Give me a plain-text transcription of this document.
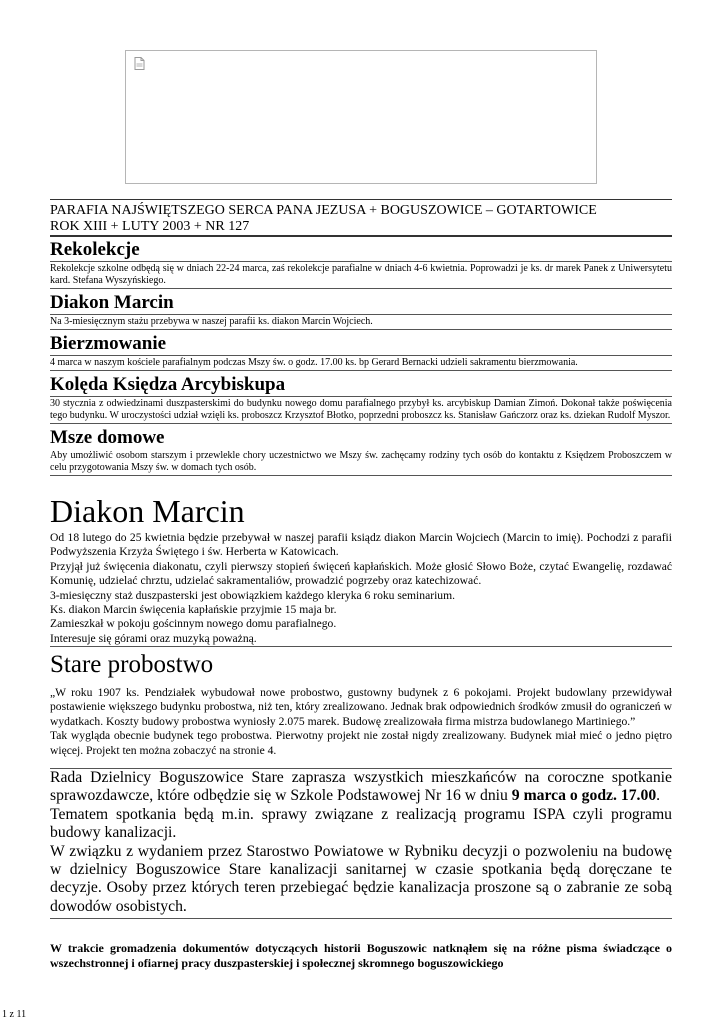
PARAFIA NAJŚWIĘTSZEGO SERCA PANA JEZUSA + BOGUSZOWICE – GOTARTOWICE
ROK XIII + LUTY 2003 + NR 127
Rekolekcje

Rekolekcje szkolne odbędą się w dniach 22-24 marca, zaś rekolekcje parafialne w dniach 4-6 kwietnia. Poprowadzi je ks. dr marek Panek z Uniwersytetu kard. Stefana Wyszyńskiego.

Diakon Marcin

Na 3-miesięcznym stażu przebywa w naszej parafii ks. diakon Marcin Wojciech.

Bierzmowanie

4 marca w naszym kościele parafialnym podczas Mszy św. o godz. 17.00 ks. bp Gerard Bernacki udzieli sakramentu bierzmowania.

Kolęda Księdza Arcybiskupa

30 stycznia z odwiedzinami duszpasterskimi do budynku nowego domu parafialnego przybył ks. arcybiskup Damian Zimoń. Dokonał także poświęcenia tego budynku. W uroczystości udział wzięli ks. proboszcz Krzysztof Błotko, poprzedni proboszcz ks. Stanisław Gańczorz oraz ks. dziekan Rudolf Myszor.

Msze domowe

Aby umożliwić osobom starszym i przewlekle chory uczestnictwo we Mszy św. zachęcamy rodziny tych osób do kontaktu z Księdzem Proboszczem w celu przygotowania Mszy św. w domach tych osób.

Diakon Marcin

Od 18 lutego do 25 kwietnia będzie przebywał w naszej parafii ksiądz diakon Marcin Wojciech (Marcin to imię). Pochodzi z parafii Podwyższenia Krzyża Świętego i św. Herberta w Katowicach.

Przyjął już święcenia diakonatu, czyli pierwszy stopień święceń kapłańskich. Może głosić Słowo Boże, czytać Ewangelię, rozdawać Komunię, udzielać chrztu, udzielać sakramentaliów, prowadzić pogrzeby oraz katechizować.

3-miesięczny staż duszpasterski jest obowiązkiem każdego kleryka 6 roku seminarium.

Ks. diakon Marcin święcenia kapłańskie przyjmie 15 maja br.

Zamieszkał w pokoju gościnnym nowego domu parafialnego.

Interesuje się górami oraz muzyką poważną.

Stare probostwo

„W roku 1907 ks. Pendziałek wybudował nowe probostwo, gustowny budynek z 6 pokojami. Projekt budowlany przewidywał postawienie większego budynku probostwa, niż ten, który zrealizowano. Jednak brak odpowiednich środków zmusił do ograniczeń w wydatkach. Koszty budowy probostwa wyniosły 2.075 marek. Budowę zrealizowała firma mistrza budowlanego Martiniego.”

Tak wygląda obecnie budynek tego probostwa. Pierwotny projekt nie został nigdy zrealizowany. Budynek miał mieć o jedno piętro więcej. Projekt ten można zobaczyć na stronie 4.

Rada Dzielnicy Boguszowice Stare zaprasza wszystkich mieszkańców na coroczne spotkanie sprawozdawcze, które odbędzie się w Szkole Podstawowej Nr 16 w dniu 9 marca o godz. 17.00.

Tematem spotkania będą m.in. sprawy związane z realizacją programu ISPA czyli programu budowy kanalizacji.

W związku z wydaniem przez Starostwo Powiatowe w Rybniku decyzji o pozwoleniu na budowę w dzielnicy Boguszowice Stare kanalizacji sanitarnej w czasie spotkania będą doręczane te decyzje. Osoby przez których teren przebiegać będzie kanalizacja proszone są o zabranie ze sobą dowodów osobistych.

W trakcie gromadzenia dokumentów dotyczących historii Boguszowic natknąłem się na różne pisma świadczące o wszechstronnej i ofiarnej pracy duszpasterskiej i społecznej skromnego boguszowickiego

1 z 11
